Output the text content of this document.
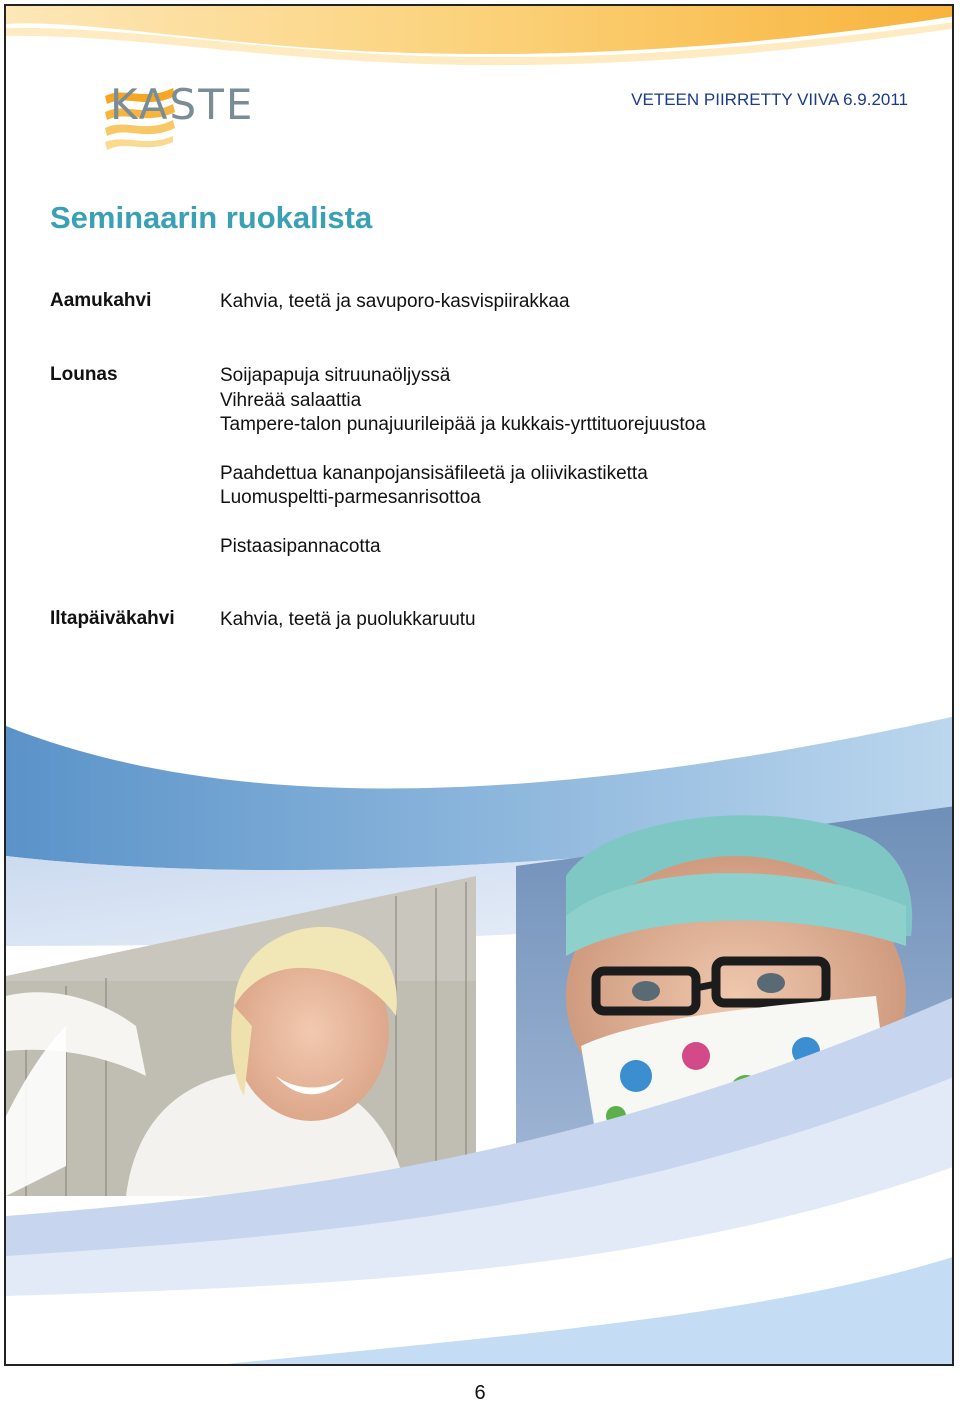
KASTE	VETEEN PIIRRETTY VIIVA 6.9.2011
Seminaarin ruokalista
Aamukahvi	Kahvia, teetä ja savuporo-kasvispiirakkaa
Lounas	Soijapapuja sitruunaöljyssä
Vihreää salaattia
Tampere-talon punajuurileipää ja kukkais-yrttituorejuustoa
Paahdettua kananpojansisäfileetä ja oliivikastiketta
Luomuspeltti-parmesanrisottoa
Pistaasipannacotta
Iltapäiväkahvi Kahvia, teetä ja puolukkaruutu
6
